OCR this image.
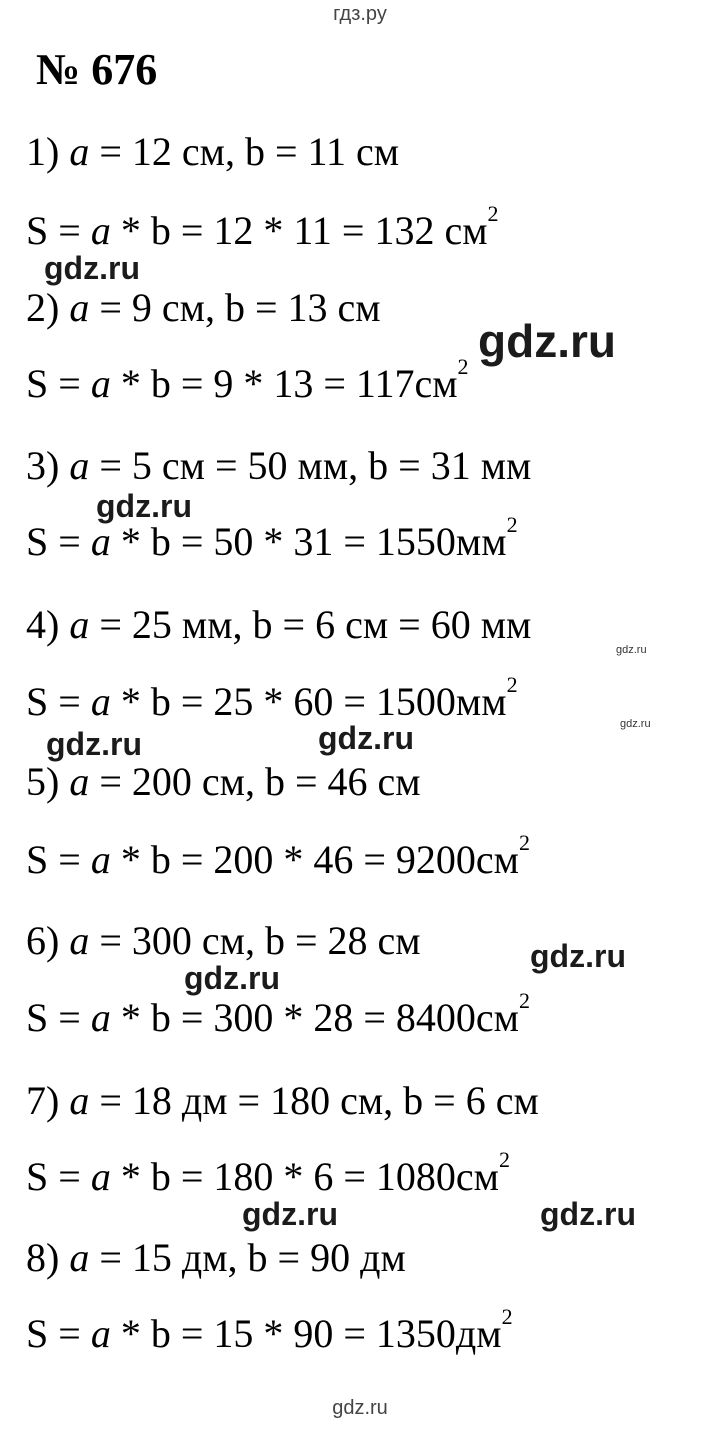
гдз.ру
№ 676
1) a = 12 см, b = 11 см
S = a * b = 12 * 11 = 132 $см^2$
2) a = 9 см, b = 13 см
$S = a * b = 9 * 13 = 117см^2$
3) a = 5 см = 50 мм, b = 31 мм
$S = a * b = 50 * 31 = 1550мм^2$
4) a = 25 мм, b = 6 см = 60 мм
$S = a * b = 25 * 60 = 1500мм^2$
5) a = 200 см, b = 46 см
$S = a * b = 200 * 46 = 9200см^2$
6) a = 300 см, b = 28 см
$S = a * b = 300 * 28 = 8400см^2$
7) a = 18 дм = 180 см, b = 6 см
$S = a * b = 180 * 6 = 1080см^2$
8) a = 15 дм, b = 90 дм
$S = a * b = 15 * 90 = 1350дм^2$
gdz.ru
gdz.ru
gdz.ru
gdz.ru
gdz.ru
gdz.ru	gdz.ru
gdz.ru
gdz.ru
gdz.ru	gdz.ru
gdz.ru
